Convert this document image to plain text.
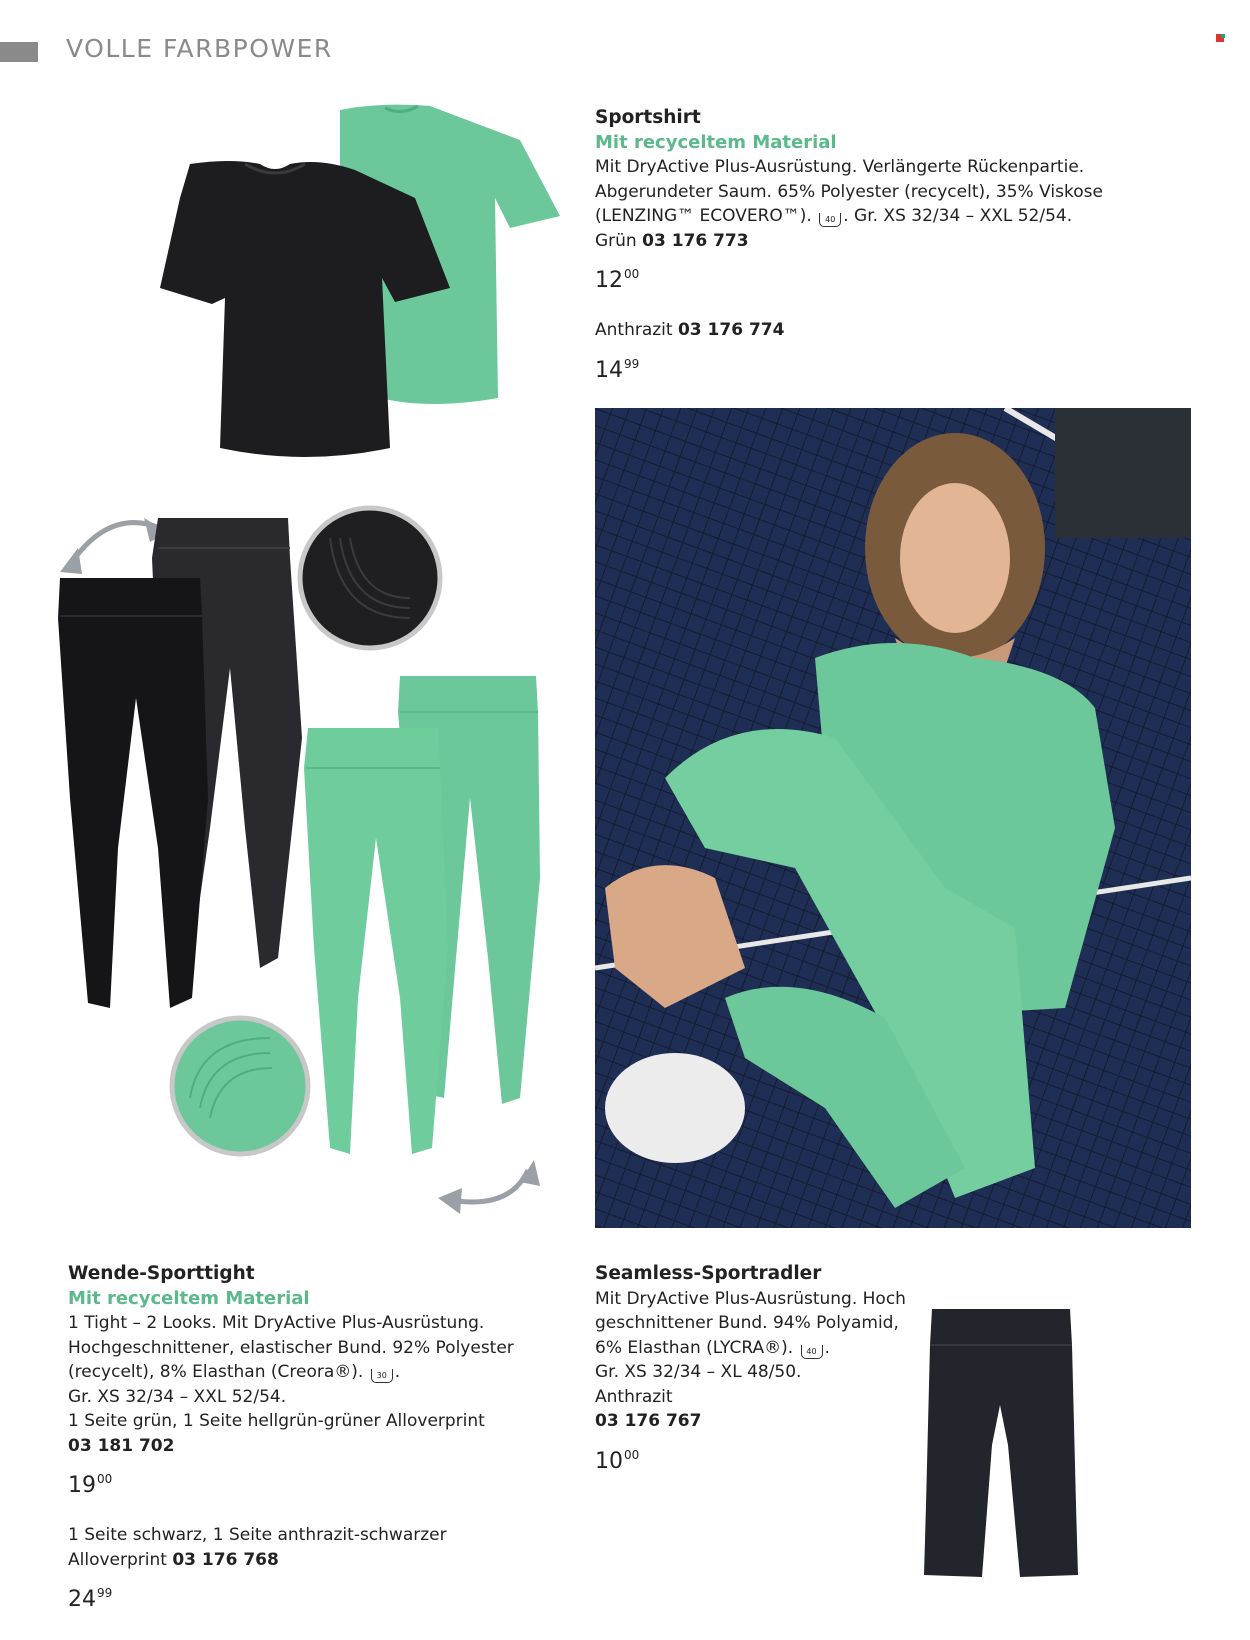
VOLLE FARBPOWER
Sportshirt
Mit recyceltem Material
Mit DryActive Plus-Ausrüstung. Verlängerte Rückenpartie.
Abgerundeter Saum. 65% Polyester (recycelt), 35% Viskose
(LENZING™ ECOVERO™). 40 . Gr. XS 32/34 – XXL 52/54.
Grün 03 176 773
$12^{00}$
Anthrazit 03 176 774
$14^{99}$
Wende-Sporttight
Mit recyceltem Material
1 Tight – 2 Looks. Mit DryActive Plus-Ausrüstung.
Hochgeschnittener, elastischer Bund. 92% Polyester
(recycelt), 8% Elasthan (Creora®). 30 .
Gr. XS 32/34 – XXL 52/54.
1 Seite grün, 1 Seite hellgrün-grüner Alloverprint
03 181 702
$19^{00}$
1 Seite schwarz, 1 Seite anthrazit-schwarzer
Alloverprint 03 176 768
$24^{99}$
Seamless-Sportradler
Mit DryActive Plus-Ausrüstung. Hoch
geschnittener Bund. 94% Polyamid,
6% Elasthan (LYCRA®). 40 .
Gr. XS 32/34 – XL 48/50.
Anthrazit
03 176 767
$10^{00}$
